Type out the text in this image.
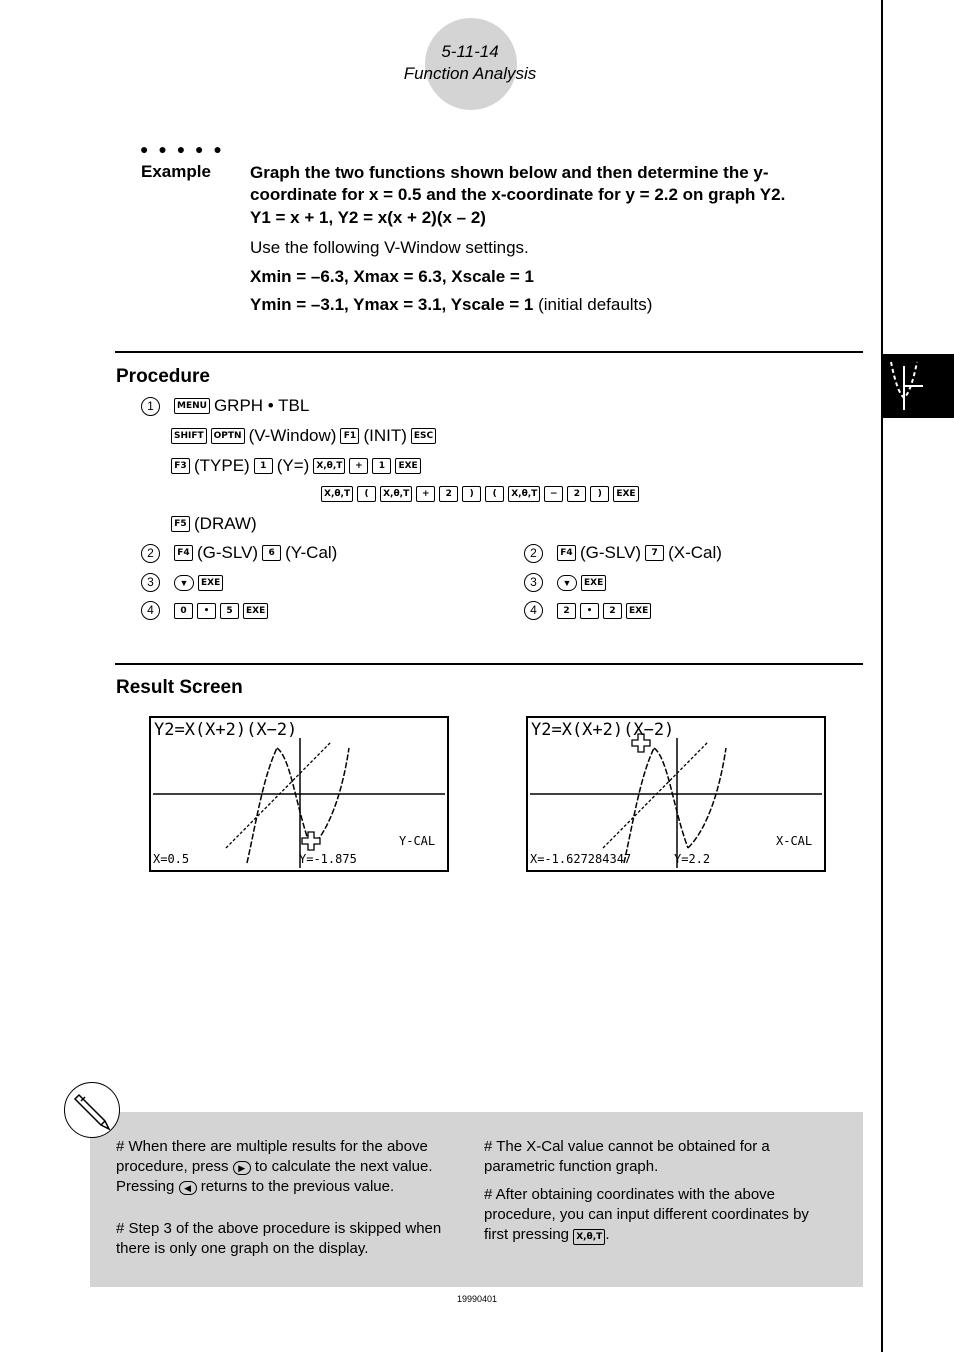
5-11-14
Function Analysis
● ● ● ● ●
Example Graph the two functions shown below and then determine the y-
coordinate for x = 0.5 and the x-coordinate for y = 2.2 on graph Y2.
Y1 = x + 1, Y2 = x(x + 2)(x – 2)
Use the following V-Window settings.
Xmin = –6.3, Xmax = 6.3, Xscale = 1
Ymin = –3.1, Ymax = 3.1, Yscale = 1 (initial defaults)
Procedure
1	MENU GRPH • TBL
SHIFT	OPTN (V-Window) F1 (INIT) ESC
F3 (TYPE)	1 (Y=) X,θ,T	+	1	EXE
X,θ,T	(	X,θ,T	+	2	)	(	X,θ,T	−	2	)	EXE
F5 (DRAW)
2	F4 (G-SLV)	6 (Y-Cal)
3	▼	EXE
4	0	•	5	EXE
2	F4 (G-SLV)	7 (X-Cal)
3	▼	EXE
4	2	•	2	EXE
Result Screen
Y2=X(X+2)(X−2)
Y-CAL
X=0.5	Y=-1.875
Y2=X(X+2)(X−2)
X-CAL
X=-1.627284347	Y=2.2
# When there are multiple results for the above procedure, press ▶ to calculate the next value. Pressing ◀ returns to the previous value.
# Step 3 of the above procedure is skipped when there is only one graph on the display.
# The X-Cal value cannot be obtained for a parametric function graph.
# After obtaining coordinates with the above procedure, you can input different coordinates by first pressing X,θ,T .
19990401
